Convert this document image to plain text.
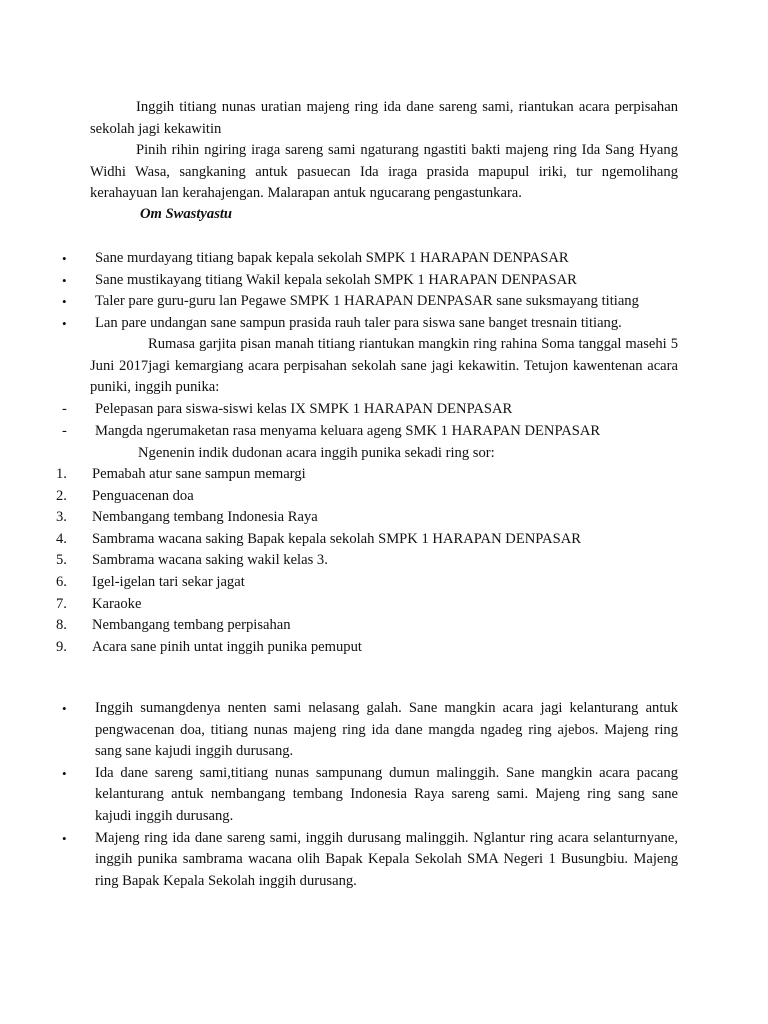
Inggih titiang nunas uratian majeng ring ida dane sareng sami, riantukan acara perpisahan sekolah jagi kekawitin

Pinih rihin ngiring iraga sareng sami ngaturang ngastiti bakti majeng ring Ida Sang Hyang Widhi Wasa, sangkaning antuk pasuecan Ida iraga prasida mapupul iriki, tur ngemolihang kerahayuan lan kerahajengan. Malarapan antuk ngucarang pengastunkara.

Om Swastyastu
• Sane murdayang titiang bapak kepala sekolah SMPK 1 HARAPAN DENPASAR
• Sane mustikayang titiang Wakil kepala sekolah SMPK 1 HARAPAN DENPASAR
• Taler pare guru-guru lan Pegawe SMPK 1 HARAPAN DENPASAR sane suksmayang titiang
• Lan pare undangan sane sampun prasida rauh taler para siswa sane banget tresnain titiang.

Rumasa garjita pisan manah titiang riantukan mangkin ring rahina Soma tanggal masehi 5 Juni 2017jagi kemargiang acara perpisahan sekolah sane jagi kekawitin. Tetujon kawentenan acara puniki, inggih punika:

- Pelepasan para siswa-siswi kelas IX SMPK 1 HARAPAN DENPASAR
- Mangda ngerumaketan rasa menyama keluara ageng SMK 1 HARAPAN DENPASAR
Ngenenin indik dudonan acara inggih punika sekadi ring sor:
1. Pemabah atur sane sampun memargi
2. Penguacenan doa
3. Nembangang tembang Indonesia Raya
4. Sambrama wacana saking Bapak kepala sekolah SMPK 1 HARAPAN DENPASAR
5. Sambrama wacana saking wakil kelas 3.
6. Igel-igelan tari sekar jagat
7. Karaoke
8. Nembangang tembang perpisahan
9. Acara sane pinih untat inggih punika pemuput
• Inggih sumangdenya nenten sami nelasang galah. Sane mangkin acara jagi kelanturang antuk pengwacenan doa, titiang nunas majeng ring ida dane mangda ngadeg ring ajebos. Majeng ring sang sane kajudi inggih durusang.
• Ida dane sareng sami,titiang nunas sampunang dumun malinggih. Sane mangkin acara pacang kelanturang antuk nembangang tembang Indonesia Raya sareng sami. Majeng ring sang sane kajudi inggih durusang.
• Majeng ring ida dane sareng sami, inggih durusang malinggih. Nglantur ring acara selanturnyane, inggih punika sambrama wacana olih Bapak Kepala Sekolah SMA Negeri 1 Busungbiu. Majeng ring Bapak Kepala Sekolah inggih durusang.
